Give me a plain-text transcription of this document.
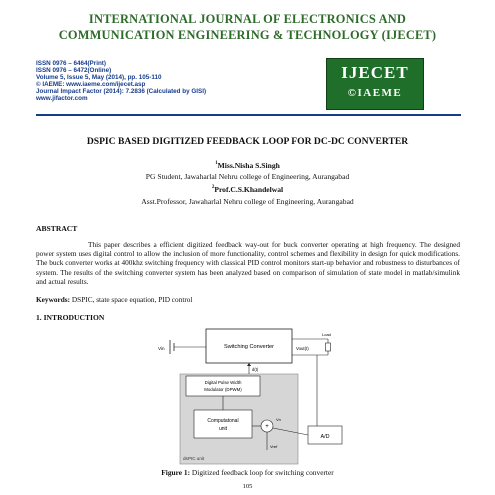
INTERNATIONAL JOURNAL OF ELECTRONICS AND
COMMUNICATION ENGINEERING & TECHNOLOGY (IJECET)
ISSN 0976 – 6464(Print)
ISSN 0976 – 6472(Online)
Volume 5, Issue 5, May (2014), pp. 105-110
© IAEME: www.iaeme.com/ijecet.asp
Journal Impact Factor (2014): 7.2836 (Calculated by GISI)
www.jifactor.com
IJECET
©IAEME
DSPIC BASED DIGITIZED FEEDBACK LOOP FOR DC-DC CONVERTER
$^1$Miss.Nisha S.Singh
PG Student, Jawaharlal Nehru college of Engineering, Aurangabad
$^2$Prof.C.S.Khandelwal
Asst.Professor, Jawaharlal Nehru college of Engineering, Aurangabad
ABSTRACT
This paper describes a efficient digitized feedback way-out for buck converter operating at high frequency. The designed power system uses digital control to allow the inclusion of more functionality, control schemes and flexibility in design for quick modifications. The buck converter works at 400khz switching frequency with classical PID control monitors start-up behavior and robustness to disturbances of system. The results of the switching converter system has been analyzed based on comparison of simulation of state model in matlab/simulink and actual results.
Keywords: DSPIC, state space equation, PID control
1. INTRODUCTION
Switching Converter
Vin
Load
Vout(t)
d(t)
Digital Pulse Width
Modulator (DPWM)
Computatonal
unit	+
Vref
Vn
A/D
dsPIC unit
Figure 1: Digitized feedback loop for switching converter
105
